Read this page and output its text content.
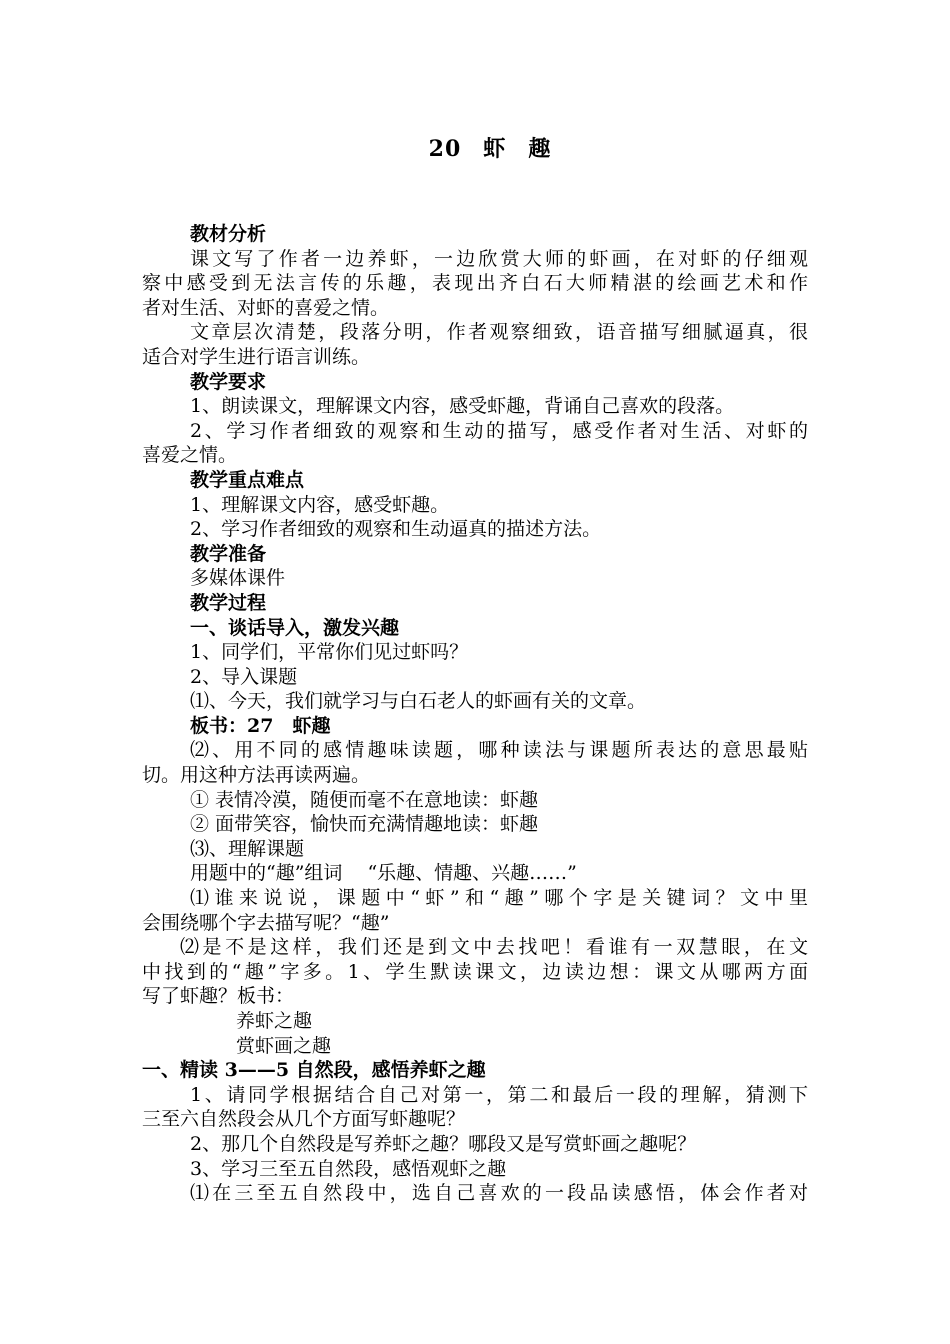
20 虾 趣
教材分析
课文写了作者一边养虾，一边欣赏大师的虾画，在对虾的仔细观
察中感受到无法言传的乐趣，表现出齐白石大师精湛的绘画艺术和作
者对生活、对虾的喜爱之情。
文章层次清楚，段落分明，作者观察细致，语音描写细腻逼真，很
适合对学生进行语言训练。
教学要求
1、朗读课文，理解课文内容，感受虾趣，背诵自己喜欢的段落。
2、学习作者细致的观察和生动的描写，感受作者对生活、对虾的
喜爱之情。
教学重点难点
1、理解课文内容，感受虾趣。
2、学习作者细致的观察和生动逼真的描述方法。
教学准备
多媒体课件
教学过程
一、谈话导入，激发兴趣
1、同学们，平常你们见过虾吗？
2、导入课题
⑴、今天，我们就学习与白石老人的虾画有关的文章。
板书：27　虾趣
⑵、用不同的感情趣味读题，哪种读法与课题所表达的意思最贴
切。用这种方法再读两遍。
① 表情冷漠，随便而毫不在意地读：虾趣
② 面带笑容，愉快而充满情趣地读：虾趣
⑶、理解课题
用题中的“趣”组词　 “乐趣、情趣、兴趣……”
⑴谁来说说，课题中“虾”和“趣”哪个字是关键词？文中里
会围绕哪个字去描写呢？“趣”
⑵是不是这样，我们还是到文中去找吧！看谁有一双慧眼，在文
中找到的“趣”字多。1、学生默读课文，边读边想：课文从哪两方面
写了虾趣？板书：
养虾之趣
赏虾画之趣
一、精读 3——5 自然段，感悟养虾之趣
1、请同学根据结合自己对第一，第二和最后一段的理解，猜测下
三至六自然段会从几个方面写虾趣呢？
2、那几个自然段是写养虾之趣？哪段又是写赏虾画之趣呢？
3、学习三至五自然段，感悟观虾之趣
⑴在三至五自然段中，选自己喜欢的一段品读感悟，体会作者对
